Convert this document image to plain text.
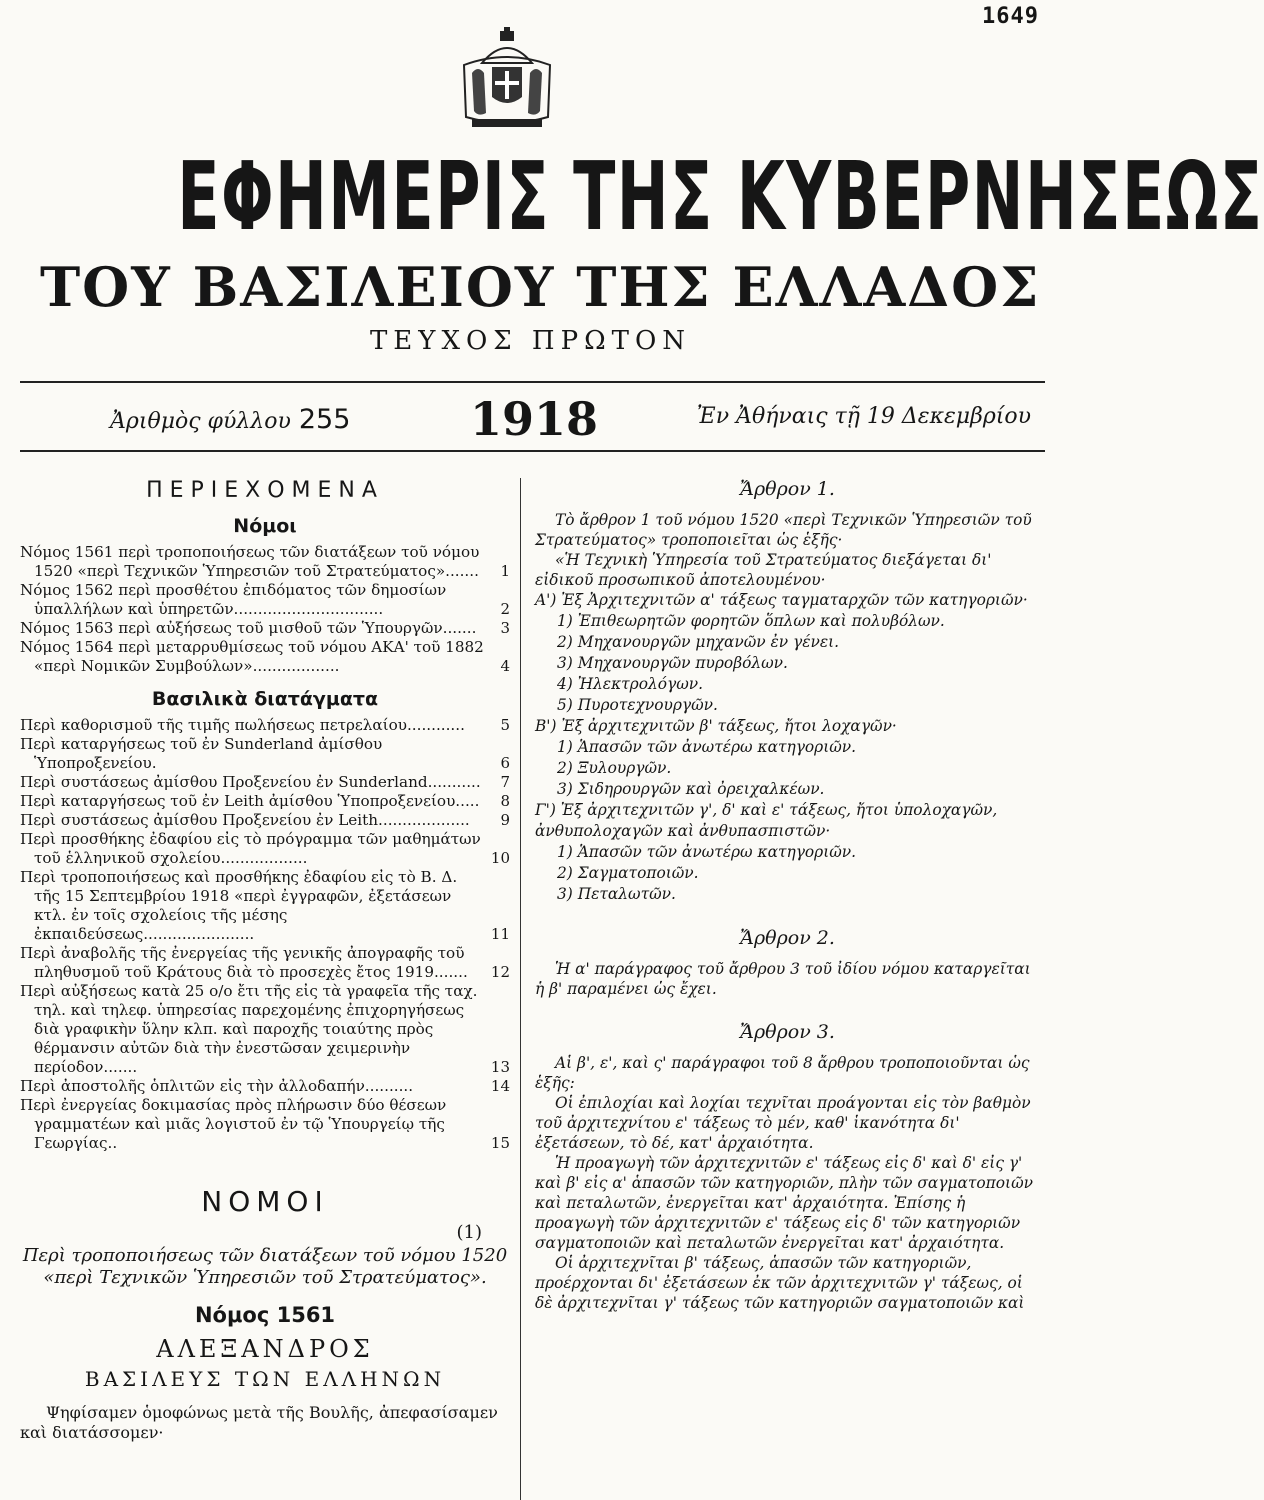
1649
ΕΦΗΜΕΡΙΣ ΤΗΣ ΚΥΒΕΡΝΗΣΕΩΣ
ΤΟΥ ΒΑΣΙΛΕΙΟΥ ΤΗΣ ΕΛΛΑΔΟΣ
ΤΕΥΧΟΣ ΠΡΩΤΟΝ
Ἀριθμὸς φύλλου 255	1918	Ἐν Ἀθήναις τῇ 19 Δεκεμβρίου
ΠΕΡΙΕΧΟΜΕΝΑ
Νόμοι
Νόμος 1561 περὶ τροποποιήσεως τῶν διατάξεων τοῦ νόμου 1520 «περὶ Τεχνικῶν Ὑπηρεσιῶν τοῦ Στρατεύματος».......	1
Νόμος 1562 περὶ προσθέτου ἐπιδόματος τῶν δημοσίων ὑπαλλήλων καὶ ὑπηρετῶν...............................	2
Νόμος 1563 περὶ αὐξήσεως τοῦ μισθοῦ τῶν Ὑπουργῶν.......	3
Νόμος 1564 περὶ μεταρρυθμίσεως τοῦ νόμου ΑΚΑ' τοῦ 1882 «περὶ Νομικῶν Συμβούλων»..................	4
Βασιλικὰ διατάγματα
Περὶ καθορισμοῦ τῆς τιμῆς πωλήσεως πετρελαίου............	5
Περὶ καταργήσεως τοῦ ἐν Sunderland ἀμίσθου Ὑποπροξενείου.	6
Περὶ συστάσεως ἀμίσθου Προξενείου ἐν Sunderland...........	7
Περὶ καταργήσεως τοῦ ἐν Leith ἀμίσθου Ὑποπροξενείου.....	8
Περὶ συστάσεως ἀμίσθου Προξενείου ἐν Leith...................	9
Περὶ προσθήκης ἐδαφίου εἰς τὸ πρόγραμμα τῶν μαθημάτων τοῦ ἑλληνικοῦ σχολείου..................	10
Περὶ τροποποιήσεως καὶ προσθήκης ἐδαφίου εἰς τὸ Β. Δ. τῆς 15 Σεπτεμβρίου 1918 «περὶ ἐγγραφῶν, ἐξετάσεων κτλ. ἐν τοῖς σχολείοις τῆς μέσης ἐκπαιδεύσεως.......................	11
Περὶ ἀναβολῆς τῆς ἐνεργείας τῆς γενικῆς ἀπογραφῆς τοῦ πληθυσμοῦ τοῦ Κράτους διὰ τὸ προσεχὲς ἔτος 1919.......	12
Περὶ αὐξήσεως κατὰ 25 ο/ο ἔτι τῆς εἰς τὰ γραφεῖα τῆς ταχ. τηλ. καὶ τηλεφ. ὑπηρεσίας παρεχομένης ἐπιχορηγήσεως διὰ γραφικὴν ὕλην κλπ. καὶ παροχῆς τοιαύτης πρὸς θέρμανσιν αὐτῶν διὰ τὴν ἐνεστῶσαν χειμερινὴν περίοδον.......	13
Περὶ ἀποστολῆς ὁπλιτῶν εἰς τὴν ἀλλοδαπήν..........	14
Περὶ ἐνεργείας δοκιμασίας πρὸς πλήρωσιν δύο θέσεων γραμματέων καὶ μιᾶς λογιστοῦ ἐν τῷ Ὑπουργείῳ τῆς Γεωργίας..	15
ΝΟΜΟΙ
(1)
Περὶ τροποποιήσεως τῶν διατάξεων τοῦ νόμου 1520 «περὶ Τεχνικῶν Ὑπηρεσιῶν τοῦ Στρατεύματος».
Νόμος 1561
ΑΛΕΞΑΝΔΡΟΣ
ΒΑΣΙΛΕΥΣ ΤΩΝ ΕΛΛΗΝΩΝ
Ψηφίσαμεν ὁμοφώνως μετὰ τῆς Βουλῆς, ἀπεφασίσαμεν καὶ διατάσσομεν·
Ἄρθρον 1.

Τὸ ἄρθρον 1 τοῦ νόμου 1520 «περὶ Τεχνικῶν Ὑπηρεσιῶν τοῦ Στρατεύματος» τροποποιεῖται ὡς ἑξῆς·

«Ἡ Τεχνικὴ Ὑπηρεσία τοῦ Στρατεύματος διεξάγεται δι' εἰδικοῦ προσωπικοῦ ἀποτελουμένου·

Α') Ἐξ Ἀρχιτεχνιτῶν α' τάξεως ταγματαρχῶν τῶν κατηγοριῶν·

1) Ἐπιθεωρητῶν φορητῶν ὅπλων καὶ πολυβόλων.

2) Μηχανουργῶν μηχανῶν ἐν γένει.

3) Μηχανουργῶν πυροβόλων.

4) Ἠλεκτρολόγων.

5) Πυροτεχνουργῶν.

Β') Ἐξ ἀρχιτεχνιτῶν β' τάξεως, ἤτοι λοχαγῶν·

1) Ἁπασῶν τῶν ἀνωτέρω κατηγοριῶν.

2) Ξυλουργῶν.

3) Σιδηρουργῶν καὶ ὀρειχαλκέων.

Γ') Ἐξ ἀρχιτεχνιτῶν γ', δ' καὶ ε' τάξεως, ἤτοι ὑπολοχαγῶν, ἀνθυπολοχαγῶν καὶ ἀνθυπασπιστῶν·

1) Ἁπασῶν τῶν ἀνωτέρω κατηγοριῶν.

2) Σαγματοποιῶν.

3) Πεταλωτῶν.

Ἄρθρον 2.

Ἡ α' παράγραφος τοῦ ἄρθρου 3 τοῦ ἰδίου νόμου καταργεῖται ἡ β' παραμένει ὡς ἔχει.

Ἄρθρον 3.

Αἱ β', ε', καὶ ς' παράγραφοι τοῦ 8 ἄρθρου τροποποιοῦνται ὡς ἑξῆς:

Οἱ ἐπιλοχίαι καὶ λοχίαι τεχνῖται προάγονται εἰς τὸν βαθμὸν τοῦ ἀρχιτεχνίτου ε' τάξεως τὸ μέν, καθ' ἱκανότητα δι' ἐξετάσεων, τὸ δέ, κατ' ἀρχαιότητα.

Ἡ προαγωγὴ τῶν ἀρχιτεχνιτῶν ε' τάξεως εἰς δ' καὶ δ' εἰς γ' καὶ β' εἰς α' ἁπασῶν τῶν κατηγοριῶν, πλὴν τῶν σαγματοποιῶν καὶ πεταλωτῶν, ἐνεργεῖται κατ' ἀρχαιότητα. Ἐπίσης ἡ προαγωγὴ τῶν ἀρχιτεχνιτῶν ε' τάξεως εἰς δ' τῶν κατηγοριῶν σαγματοποιῶν καὶ πεταλωτῶν ἐνεργεῖται κατ' ἀρχαιότητα.

Οἱ ἀρχιτεχνῖται β' τάξεως, ἁπασῶν τῶν κατηγοριῶν, προέρχονται δι' ἐξετάσεων ἐκ τῶν ἀρχιτεχνιτῶν γ' τάξεως, οἱ δὲ ἀρχιτεχνῖται γ' τάξεως τῶν κατηγοριῶν σαγματοποιῶν καὶ
